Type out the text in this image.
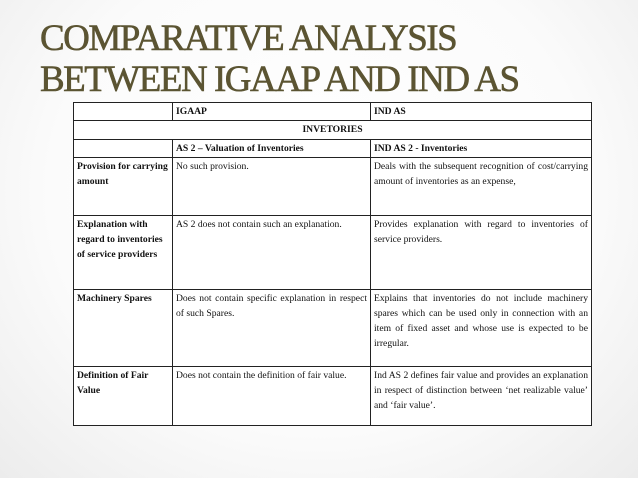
COMPARATIVE ANALYSIS
BETWEEN IGAAP AND IND AS
	IGAAP	IND AS
INVETORIES		
	AS 2 – Valuation of Inventories	IND AS 2 - Inventories
Provision for carrying amount	No such provision.	Deals with the subsequent recognition of cost/carrying amount of inventories as an expense,
Explanation with regard to inventories of service providers	AS 2 does not contain such an explanation.	Provides explanation with regard to inventories of service providers.
Machinery Spares	Does not contain specific explanation in respect of such Spares.	Explains that inventories do not include machinery spares which can be used only in connection with an item of fixed asset and whose use is expected to be irregular.
Definition of Fair Value	Does not contain the definition of fair value.	Ind AS 2 defines fair value and provides an explanation in respect of distinction between ‘net realizable value’ and ‘fair value’.
